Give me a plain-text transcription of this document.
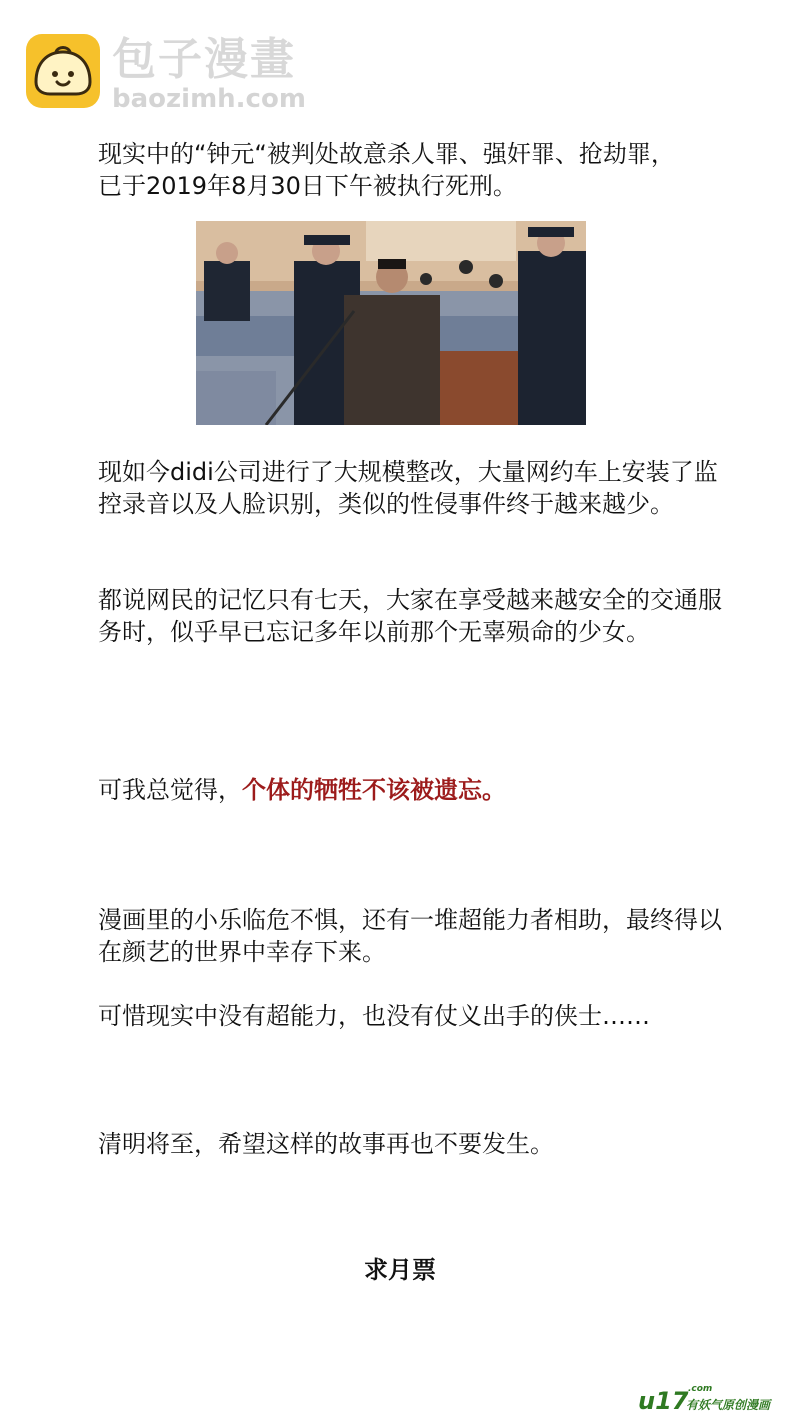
包子漫畫
baozimh.com
现实中的“钟元“被判处故意杀人罪、强奸罪、抢劫罪，
已于2019年8月30日下午被执行死刑。
现如今didi公司进行了大规模整改，大量网约车上安装了监控录音以及人脸识别，类似的性侵事件终于越来越少。
都说网民的记忆只有七天，大家在享受越来越安全的交通服务时，似乎早已忘记多年以前那个无辜殒命的少女。
可我总觉得，个体的牺牲不该被遗忘。
漫画里的小乐临危不惧，还有一堆超能力者相助，最终得以在颜艺的世界中幸存下来。
可惜现实中没有超能力，也没有仗义出手的侠士……
清明将至，希望这样的故事再也不要发生。
求月票
u17 .com
有妖气原创漫画
